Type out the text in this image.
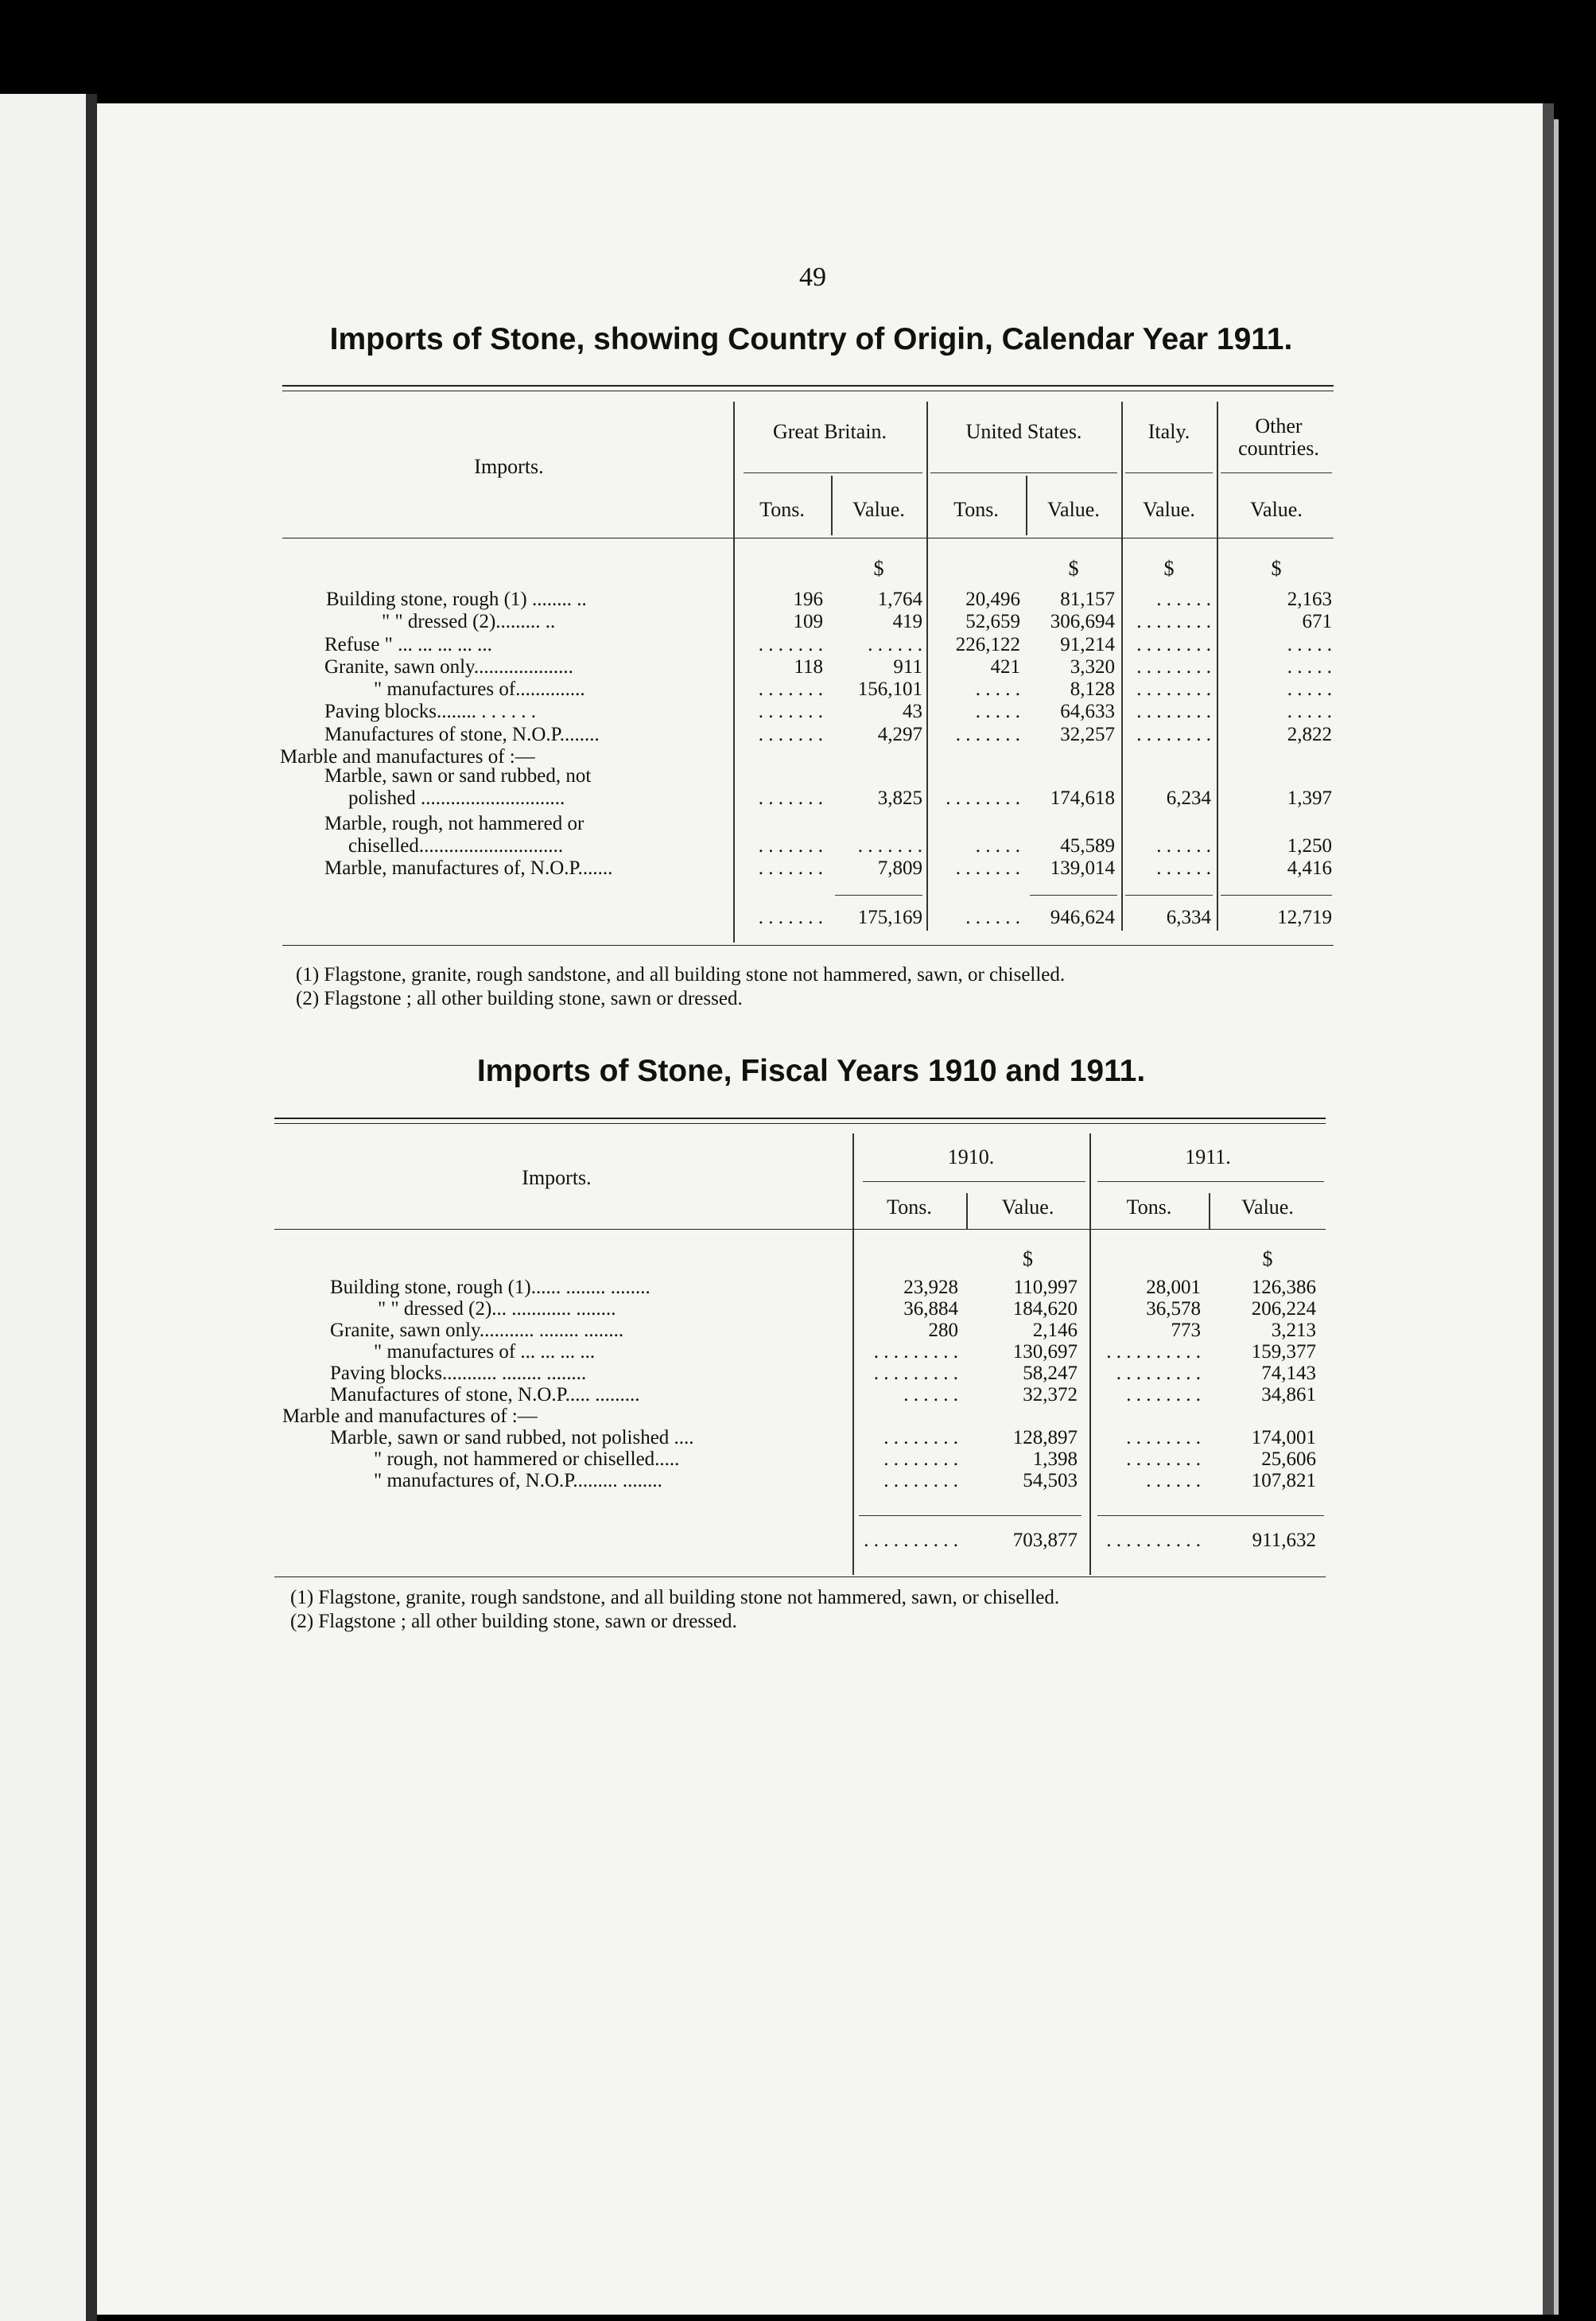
49
Imports of Stone, showing Country of Origin, Calendar Year 1911.
Imports.
Great Britain.	United States.	Italy.	Other countries.
Tons.	Value.	Tons.	Value.	Value.	Value.
$	$	$	$
Building stone, rough (1) ........ ..	196	1,764	20,496	81,157	. . . . . .	2,163
" " dressed (2)......... ..	109	419	52,659	306,694	. . . . . . . .	671
Refuse " ... ... ... ... ...	. . . . . . .	. . . . . .	226,122	91,214	. . . . . . . .	. . . . .
Granite, sawn only....................	118	911	421	3,320	. . . . . . . .	. . . . .
" manufactures of..............	. . . . . . .	156,101	. . . . .	8,128	. . . . . . . .	. . . . .
Paving blocks........ . . . . . .	. . . . . . .	43	. . . . .	64,633	. . . . . . . .	. . . . .
Manufactures of stone, N.O.P........	. . . . . . .	4,297	. . . . . . .	32,257	. . . . . . . .	2,822
Marble and manufactures of :—
Marble, sawn or sand rubbed, not
polished .............................	. . . . . . .	3,825	. . . . . . . .	174,618	6,234	1,397
Marble, rough, not hammered or
chiselled.............................	. . . . . . .	. . . . . . .	. . . . .	45,589	. . . . . .	1,250
Marble, manufactures of, N.O.P.......	. . . . . . .	7,809	. . . . . . .	139,014	. . . . . .	4,416
. . . . . . .	175,169	. . . . . .	946,624	6,334	12,719
(1) Flagstone, granite, rough sandstone, and all building stone not hammered, sawn, or chiselled.
(2) Flagstone ; all other building stone, sawn or dressed.
Imports of Stone, Fiscal Years 1910 and 1911.
Imports.
1910.	1911.
Tons.	Value.	Tons.	Value.
$	$
Building stone, rough (1)...... ........ ........	23,928	110,997	28,001	126,386
" " dressed (2)... ............ ........	36,884	184,620	36,578	206,224
Granite, sawn only........... ........ ........	280	2,146	773	3,213
" manufactures of ... ... ... ...	. . . . . . . . .	130,697	. . . . . . . . . .	159,377
Paving blocks........... ........ ........	. . . . . . . . .	58,247	. . . . . . . . .	74,143
Manufactures of stone, N.O.P..... .........	. . . . . .	32,372	. . . . . . . .	34,861
Marble and manufactures of :—
Marble, sawn or sand rubbed, not polished ....	. . . . . . . .	128,897	. . . . . . . .	174,001
" rough, not hammered or chiselled.....	. . . . . . . .	1,398	. . . . . . . .	25,606
" manufactures of, N.O.P......... ........	. . . . . . . .	54,503	. . . . . .	107,821
. . . . . . . . . .	703,877	. . . . . . . . . .	911,632
(1) Flagstone, granite, rough sandstone, and all building stone not hammered, sawn, or chiselled.
(2) Flagstone ; all other building stone, sawn or dressed.
